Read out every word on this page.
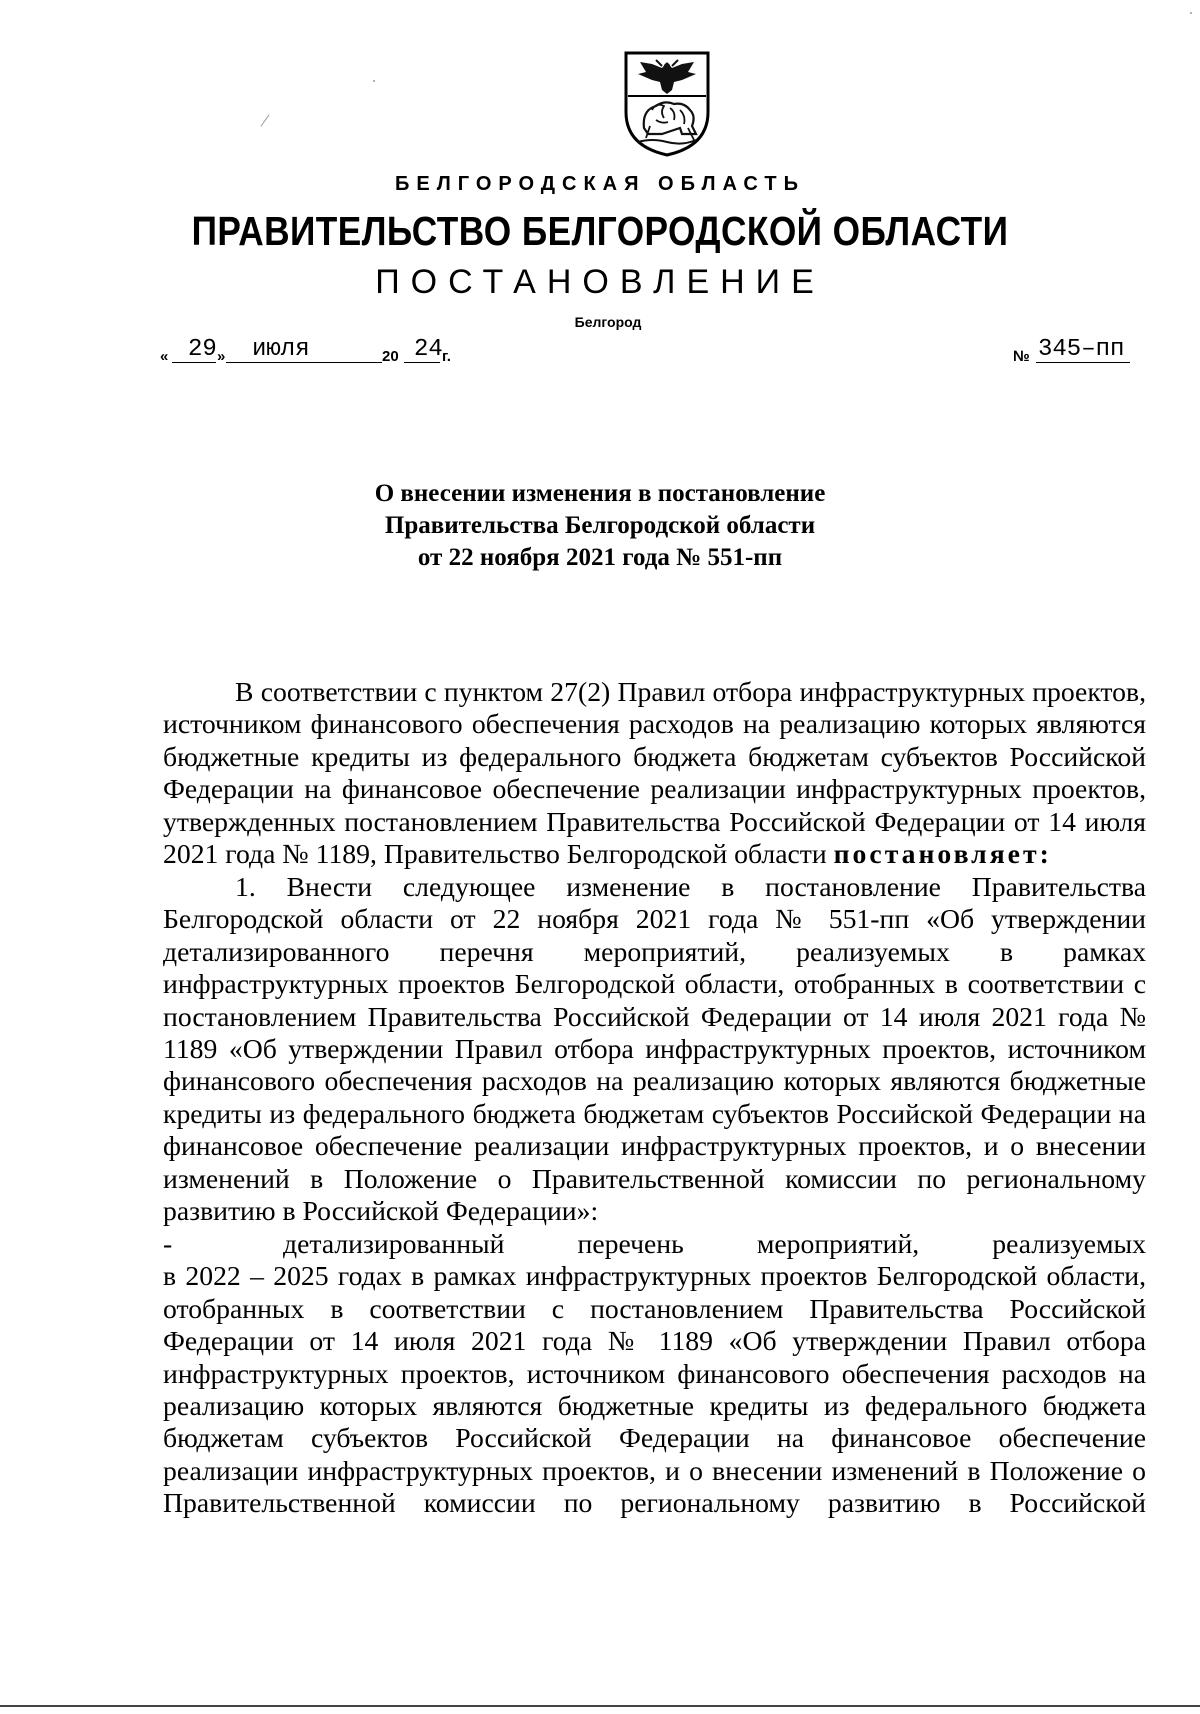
БЕЛГОРОДСКАЯ ОБЛАСТЬ
ПРАВИТЕЛЬСТВО БЕЛГОРОДСКОЙ ОБЛАСТИ
ПОСТАНОВЛЕНИЕ
Белгород
« 29 » июля	20 24 г.	№ 345–пп
О внесении изменения в постановление
Правительства Белгородской области
от 22 ноября 2021 года № 551-пп

В соответствии с пунктом 27(2) Правил отбора инфраструктурных проектов, источником финансового обеспечения расходов на реализацию которых являются бюджетные кредиты из федерального бюджета бюджетам субъектов Российской Федерации на финансовое обеспечение реализации инфраструктурных проектов, утвержденных постановлением Правительства Российской Федерации от 14 июля 2021 года № 1189, Правительство Белгородской области постановляет:

1. Внести следующее изменение в постановление Правительства Белгородской области от 22 ноября 2021 года № 551-пп «Об утверждении детализированного перечня мероприятий, реализуемых в рамках инфраструктурных проектов Белгородской области, отобранных в соответствии с постановлением Правительства Российской Федерации от 14 июля 2021 года № 1189 «Об утверждении Правил отбора инфраструктурных проектов, источником финансового обеспечения расходов на реализацию которых являются бюджетные кредиты из федерального бюджета бюджетам субъектов Российской Федерации на финансовое обеспечение реализации инфраструктурных проектов, и о внесении изменений в Положение о Правительственной комиссии по региональному развитию в Российской Федерации»:

-	детализированный перечень мероприятий, реализуемых

в 2022 – 2025 годах в рамках инфраструктурных проектов Белгородской области, отобранных в соответствии с постановлением Правительства Российской Федерации от 14 июля 2021 года № 1189 «Об утверждении Правил отбора инфраструктурных проектов, источником финансового обеспечения расходов на реализацию которых являются бюджетные кредиты из федерального бюджета бюджетам субъектов Российской Федерации на финансовое обеспечение реализации инфраструктурных проектов, и о внесении изменений в Положение о Правительственной комиссии по региональному развитию в Российской
